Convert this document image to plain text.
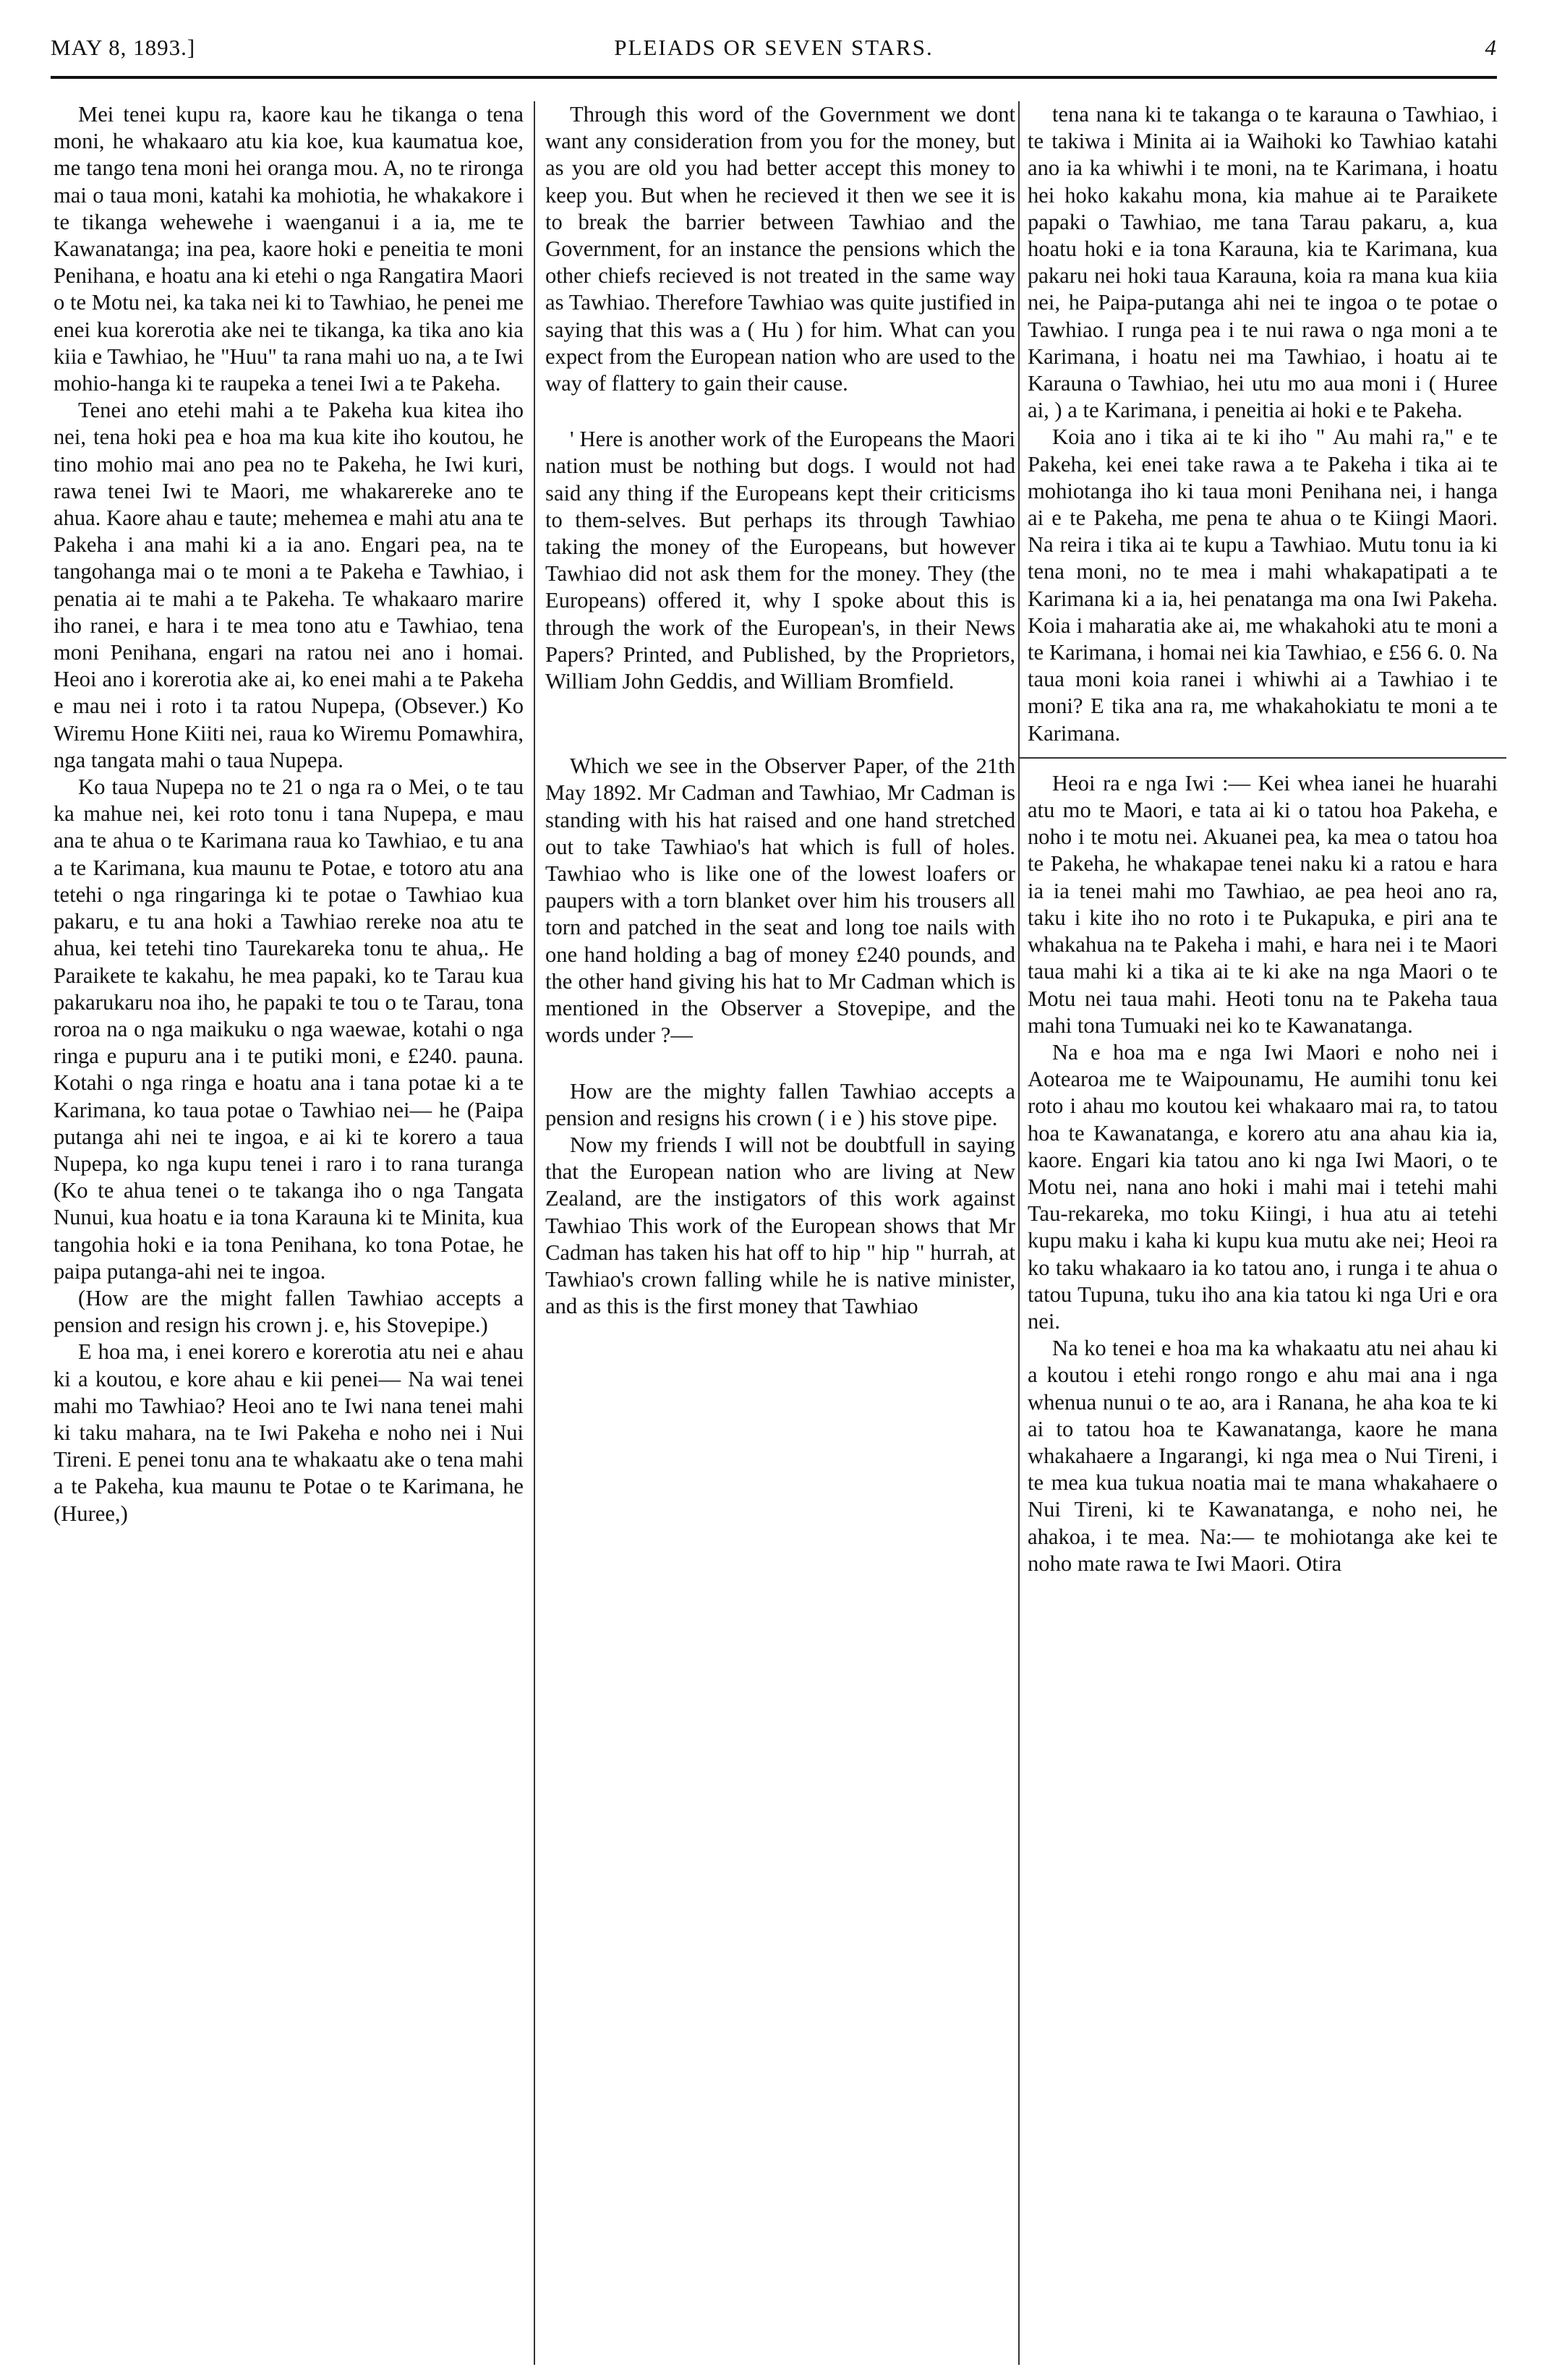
MAY 8, 1893.]	PLEIADS OR SEVEN STARS.	4

Mei tenei kupu ra, kaore kau he tikanga o tena moni, he whakaaro atu kia koe, kua kaumatua koe, me tango tena moni hei oranga mou. A, no te rironga mai o taua moni, katahi ka mohiotia, he whakakore i te tikanga wehewehe i waenganui i a ia, me te Kawanatanga; ina pea, kaore hoki e peneitia te moni Penihana, e hoatu ana ki etehi o nga Rangatira Maori o te Motu nei, ka taka nei ki to Tawhiao, he penei me enei kua korerotia ake nei te tikanga, ka tika ano kia kiia e Tawhiao, he "Huu" ta rana mahi uo na, a te Iwi mohio-hanga ki te raupeka a tenei Iwi a te Pakeha.

Tenei ano etehi mahi a te Pakeha kua kitea iho nei, tena hoki pea e hoa ma kua kite iho koutou, he tino mohio mai ano pea no te Pakeha, he Iwi kuri, rawa tenei Iwi te Maori, me whakarereke ano te ahua. Kaore ahau e taute; mehemea e mahi atu ana te Pakeha i ana mahi ki a ia ano. Engari pea, na te tangohanga mai o te moni a te Pakeha e Tawhiao, i penatia ai te mahi a te Pakeha. Te whakaaro marire iho ranei, e hara i te mea tono atu e Tawhiao, tena moni Penihana, engari na ratou nei ano i homai. Heoi ano i korerotia ake ai, ko enei mahi a te Pakeha e mau nei i roto i ta ratou Nupepa, (Obsever.) Ko Wiremu Hone Kiiti nei, raua ko Wiremu Pomawhira, nga tangata mahi o taua Nupepa.

Ko taua Nupepa no te 21 o nga ra o Mei, o te tau ka mahue nei, kei roto tonu i tana Nupepa, e mau ana te ahua o te Karimana raua ko Tawhiao, e tu ana a te Karimana, kua maunu te Potae, e totoro atu ana tetehi o nga ringaringa ki te potae o Tawhiao kua pakaru, e tu ana hoki a Tawhiao rereke noa atu te ahua, kei tetehi tino Taurekareka tonu te ahua,. He Paraikete te kakahu, he mea papaki, ko te Tarau kua pakarukaru noa iho, he papaki te tou o te Tarau, tona roroa na o nga maikuku o nga waewae, kotahi o nga ringa e pupuru ana i te putiki moni, e £240. pauna. Kotahi o nga ringa e hoatu ana i tana potae ki a te Karimana, ko taua potae o Tawhiao nei— he (Paipa putanga ahi nei te ingoa, e ai ki te korero a taua Nupepa, ko nga kupu tenei i raro i to rana turanga (Ko te ahua tenei o te takanga iho o nga Tangata Nunui, kua hoatu e ia tona Karauna ki te Minita, kua tangohia hoki e ia tona Penihana, ko tona Potae, he paipa putanga-ahi nei te ingoa.

(How are the might fallen Tawhiao accepts a pension and resign his crown j. e, his Stovepipe.)

E hoa ma, i enei korero e korerotia atu nei e ahau ki a koutou, e kore ahau e kii penei— Na wai tenei mahi mo Tawhiao? Heoi ano te Iwi nana tenei mahi ki taku mahara, na te Iwi Pakeha e noho nei i Nui Tireni. E penei tonu ana te whakaatu ake o tena mahi a te Pakeha, kua maunu te Potae o te Karimana, he (Huree,)

Through this word of the Government we dont want any consideration from you for the money, but as you are old you had better accept this money to keep you. But when he recieved it then we see it is to break the barrier between Tawhiao and the Government, for an instance the pensions which the other chiefs recieved is not treated in the same way as Tawhiao. Therefore Tawhiao was quite justified in saying that this was a ( Hu ) for him. What can you expect from the European nation who are used to the way of flattery to gain their cause.

' Here is another work of the Europeans the Maori nation must be nothing but dogs. I would not had said any thing if the Europeans kept their criticisms to them-selves. But perhaps its through Tawhiao taking the money of the Europeans, but however Tawhiao did not ask them for the money. They (the Europeans) offered it, why I spoke about this is through the work of the European's, in their News Papers? Printed, and Published, by the Proprietors, William John Geddis, and William Bromfield.

Which we see in the Observer Paper, of the 21th May 1892. Mr Cadman and Tawhiao, Mr Cadman is standing with his hat raised and one hand stretched out to take Tawhiao's hat which is full of holes. Tawhiao who is like one of the lowest loafers or paupers with a torn blanket over him his trousers all torn and patched in the seat and long toe nails with one hand holding a bag of money £240 pounds, and the other hand giving his hat to Mr Cadman which is mentioned in the Observer a Stovepipe, and the words under ?—

How are the mighty fallen Tawhiao accepts a pension and resigns his crown ( i e ) his stove pipe.

Now my friends I will not be doubtfull in saying that the European nation who are living at New Zealand, are the instigators of this work against Tawhiao This work of the European shows that Mr Cadman has taken his hat off to hip " hip " hurrah, at Tawhiao's crown falling while he is native minister, and as this is the first money that Tawhiao

tena nana ki te takanga o te karauna o Tawhiao, i te takiwa i Minita ai ia Waihoki ko Tawhiao katahi ano ia ka whiwhi i te moni, na te Karimana, i hoatu hei hoko kakahu mona, kia mahue ai te Paraikete papaki o Tawhiao, me tana Tarau pakaru, a, kua hoatu hoki e ia tona Karauna, kia te Karimana, kua pakaru nei hoki taua Karauna, koia ra mana kua kiia nei, he Paipa-putanga ahi nei te ingoa o te potae o Tawhiao. I runga pea i te nui rawa o nga moni a te Karimana, i hoatu nei ma Tawhiao, i hoatu ai te Karauna o Tawhiao, hei utu mo aua moni i ( Huree ai, ) a te Karimana, i peneitia ai hoki e te Pakeha.

Koia ano i tika ai te ki iho " Au mahi ra," e te Pakeha, kei enei take rawa a te Pakeha i tika ai te mohiotanga iho ki taua moni Penihana nei, i hanga ai e te Pakeha, me pena te ahua o te Kiingi Maori. Na reira i tika ai te kupu a Tawhiao. Mutu tonu ia ki tena moni, no te mea i mahi whakapatipati a te Karimana ki a ia, hei penatanga ma ona Iwi Pakeha. Koia i maharatia ake ai, me whakahoki atu te moni a te Karimana, i homai nei kia Tawhiao, e £56 6. 0. Na taua moni koia ranei i whiwhi ai a Tawhiao i te moni? E tika ana ra, me whakahokiatu te moni a te Karimana.

Heoi ra e nga Iwi :— Kei whea ianei he huarahi atu mo te Maori, e tata ai ki o tatou hoa Pakeha, e noho i te motu nei. Akuanei pea, ka mea o tatou hoa te Pakeha, he whakapae tenei naku ki a ratou e hara ia ia tenei mahi mo Tawhiao, ae pea heoi ano ra, taku i kite iho no roto i te Pukapuka, e piri ana te whakahua na te Pakeha i mahi, e hara nei i te Maori taua mahi ki a tika ai te ki ake na nga Maori o te Motu nei taua mahi. Heoti tonu na te Pakeha taua mahi tona Tumuaki nei ko te Kawanatanga.

Na e hoa ma e nga Iwi Maori e noho nei i Aotearoa me te Waipounamu, He aumihi tonu kei roto i ahau mo koutou kei whakaaro mai ra, to tatou hoa te Kawanatanga, e korero atu ana ahau kia ia, kaore. Engari kia tatou ano ki nga Iwi Maori, o te Motu nei, nana ano hoki i mahi mai i tetehi mahi Tau-rekareka, mo toku Kiingi, i hua atu ai tetehi kupu maku i kaha ki kupu kua mutu ake nei; Heoi ra ko taku whakaaro ia ko tatou ano, i runga i te ahua o tatou Tupuna, tuku iho ana kia tatou ki nga Uri e ora nei.

Na ko tenei e hoa ma ka whakaatu atu nei ahau ki a koutou i etehi rongo rongo e ahu mai ana i nga whenua nunui o te ao, ara i Ranana, he aha koa te ki ai to tatou hoa te Kawanatanga, kaore he mana whakahaere a Ingarangi, ki nga mea o Nui Tireni, i te mea kua tukua noatia mai te mana whakahaere o Nui Tireni, ki te Kawanatanga, e noho nei, he ahakoa, i te mea. Na:— te mohiotanga ake kei te noho mate rawa te Iwi Maori. Otira
